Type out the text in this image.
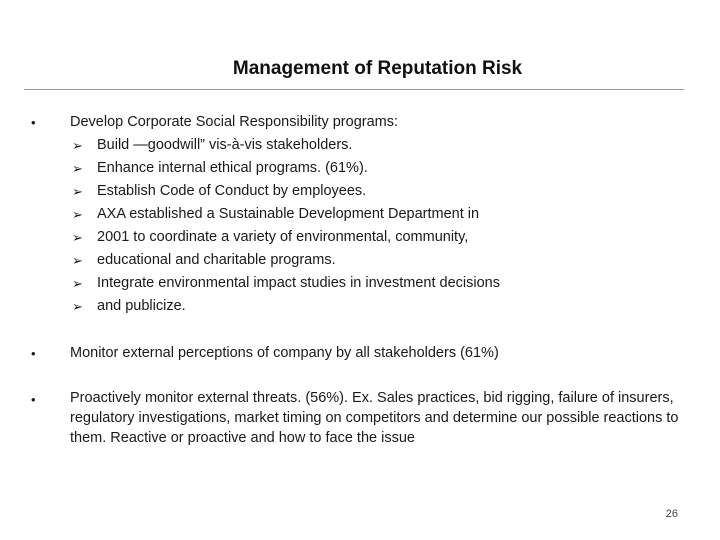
Management of Reputation Risk
• Develop Corporate Social Responsibility programs:
➢ Build —goodwill” vis-à-vis stakeholders.
➢ Enhance internal ethical programs. (61%).
➢ Establish Code of Conduct by employees.
➢ AXA established a Sustainable Development Department in
➢ 2001 to coordinate a variety of environmental, community,
➢ educational and charitable programs.
➢ Integrate environmental impact studies in investment decisions
➢ and publicize.
• Monitor external perceptions of company by all stakeholders (61%)
• Proactively monitor external threats. (56%). Ex. Sales practices, bid rigging, failure of insurers, regulatory investigations, market timing on competitors and determine our possible reactions to them. Reactive or proactive and how to face the issue
26
